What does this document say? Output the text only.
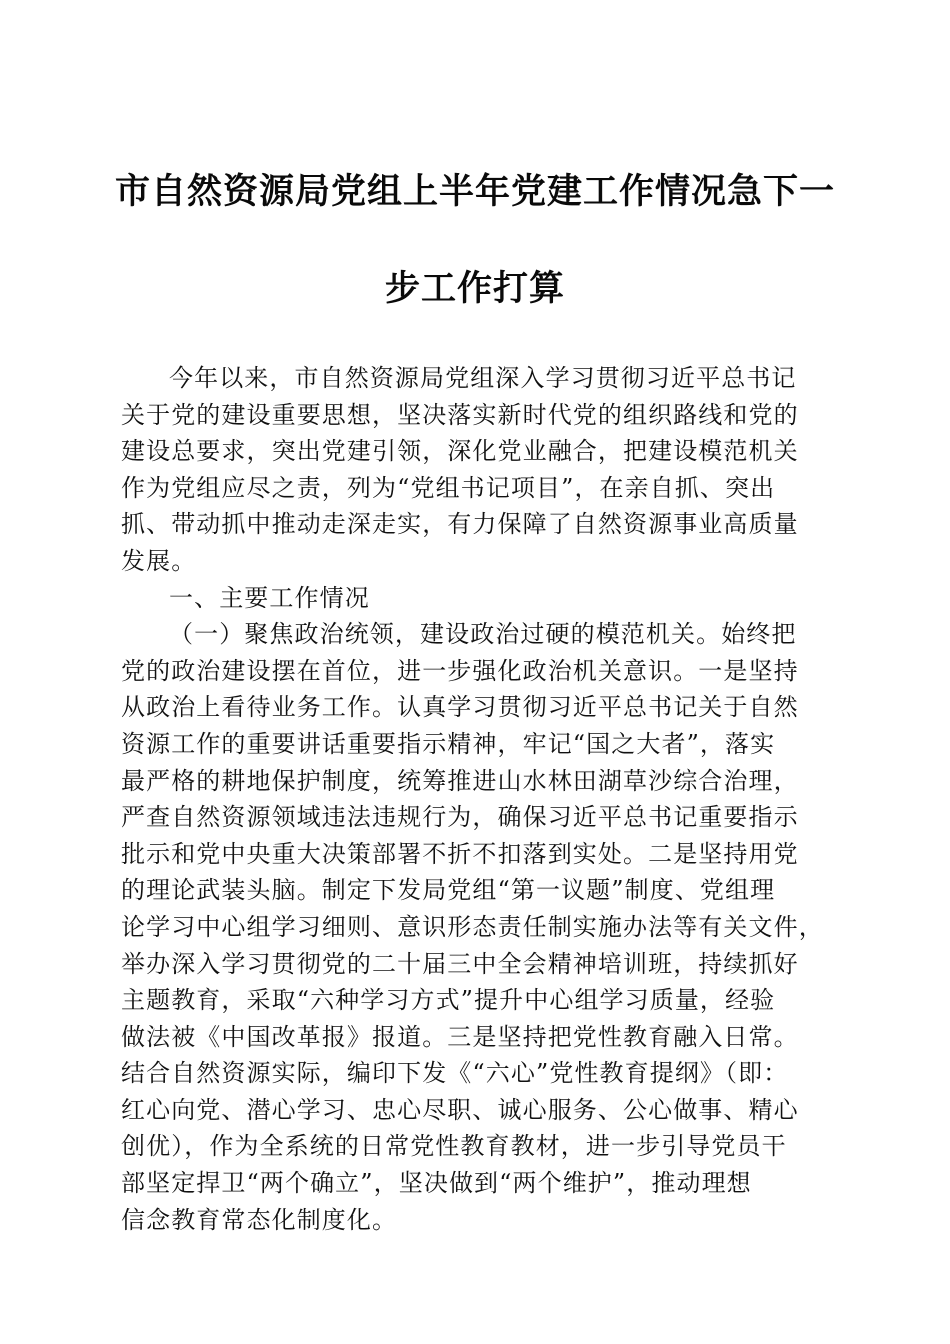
市自然资源局党组上半年党建工作情况急下一
步工作打算
今年以来，市自然资源局党组深入学习贯彻习近平总书记
关于党的建设重要思想，坚决落实新时代党的组织路线和党的
建设总要求，突出党建引领，深化党业融合，把建设模范机关
作为党组应尽之责，列为“党组书记项目”，在亲自抓、突出
抓、带动抓中推动走深走实，有力保障了自然资源事业高质量
发展。
一、主要工作情况
（一）聚焦政治统领，建设政治过硬的模范机关。始终把
党的政治建设摆在首位，进一步强化政治机关意识。一是坚持
从政治上看待业务工作。认真学习贯彻习近平总书记关于自然
资源工作的重要讲话重要指示精神，牢记“国之大者”，落实
最严格的耕地保护制度，统筹推进山水林田湖草沙综合治理，
严查自然资源领域违法违规行为，确保习近平总书记重要指示
批示和党中央重大决策部署不折不扣落到实处。二是坚持用党
的理论武装头脑。制定下发局党组“第一议题”制度、党组理
论学习中心组学习细则、意识形态责任制实施办法等有关文件，
举办深入学习贯彻党的二十届三中全会精神培训班，持续抓好
主题教育，采取“六种学习方式”提升中心组学习质量，经验
做法被《中国改革报》报道。三是坚持把党性教育融入日常。
结合自然资源实际，编印下发《“六心”党性教育提纲》（即：
红心向党、潜心学习、忠心尽职、诚心服务、公心做事、精心
创优），作为全系统的日常党性教育教材，进一步引导党员干
部坚定捍卫“两个确立”，坚决做到“两个维护”，推动理想
信念教育常态化制度化。
